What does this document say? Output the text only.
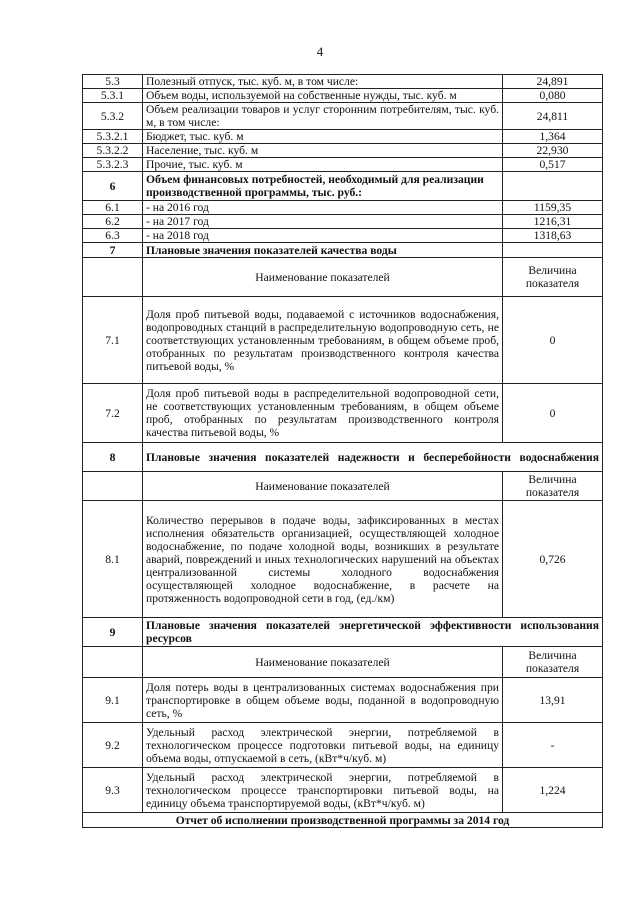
4
5.3	Полезный отпуск, тыс. куб. м, в том числе:	24,891
5.3.1	Объем воды, используемой на собственные нужды, тыс. куб. м	0,080
5.3.2	Объем реализации товаров и услуг сторонним потребителям, тыс. куб. м, в том числе:	24,811
5.3.2.1	Бюджет, тыс. куб. м	1,364
5.3.2.2	Население, тыс. куб. м	22,930
5.3.2.3	Прочие, тыс. куб. м	0,517
6	Объем финансовых потребностей, необходимый для реализации производственной программы, тыс. руб.:	
6.1	- на 2016 год	1159,35
6.2	- на 2017 год	1216,31
6.3	- на 2018 год	1318,63
7	Плановые значения показателей качества воды	
	Наименование показателей	Величина показателя
7.1	Доля проб питьевой воды, подаваемой с источников водоснабжения, водопроводных станций в распределительную водопроводную сеть, не соответствующих установленным требованиям, в общем объеме проб, отобранных по результатам производственного контроля качества питьевой воды, %	0
7.2	Доля проб питьевой воды в распределительной водопроводной сети, не соответствующих установленным требованиям, в общем объеме проб, отобранных по результатам производственного контроля качества питьевой воды, %	0
8	Плановые значения показателей надежности и бесперебойности водоснабжения	
	Наименование показателей	Величина показателя
8.1	Количество перерывов в подаче воды, зафиксированных в местах исполнения обязательств организацией, осуществляющей холодное водоснабжение, по подаче холодной воды, возникших в результате аварий, повреждений и иных технологических нарушений на объектах централизованной системы холодного водоснабжения осуществляющей холодное водоснабжение, в расчете на протяженность водопроводной сети в год, (ед./км)	0,726
9	Плановые значения показателей энергетической эффективности использования ресурсов	
	Наименование показателей	Величина показателя
9.1	Доля потерь воды в централизованных системах водоснабжения при транспортировке в общем объеме воды, поданной в водопроводную сеть, %	13,91
9.2	Удельный расход электрической энергии, потребляемой в технологическом процессе подготовки питьевой воды, на единицу объема воды, отпускаемой в сеть, (кВт*ч/куб. м)	-
9.3	Удельный расход электрической энергии, потребляемой в технологическом процессе транспортировки питьевой воды, на единицу объема транспортируемой воды, (кВт*ч/куб. м)	1,224
Отчет об исполнении производственной программы за 2014 год		
